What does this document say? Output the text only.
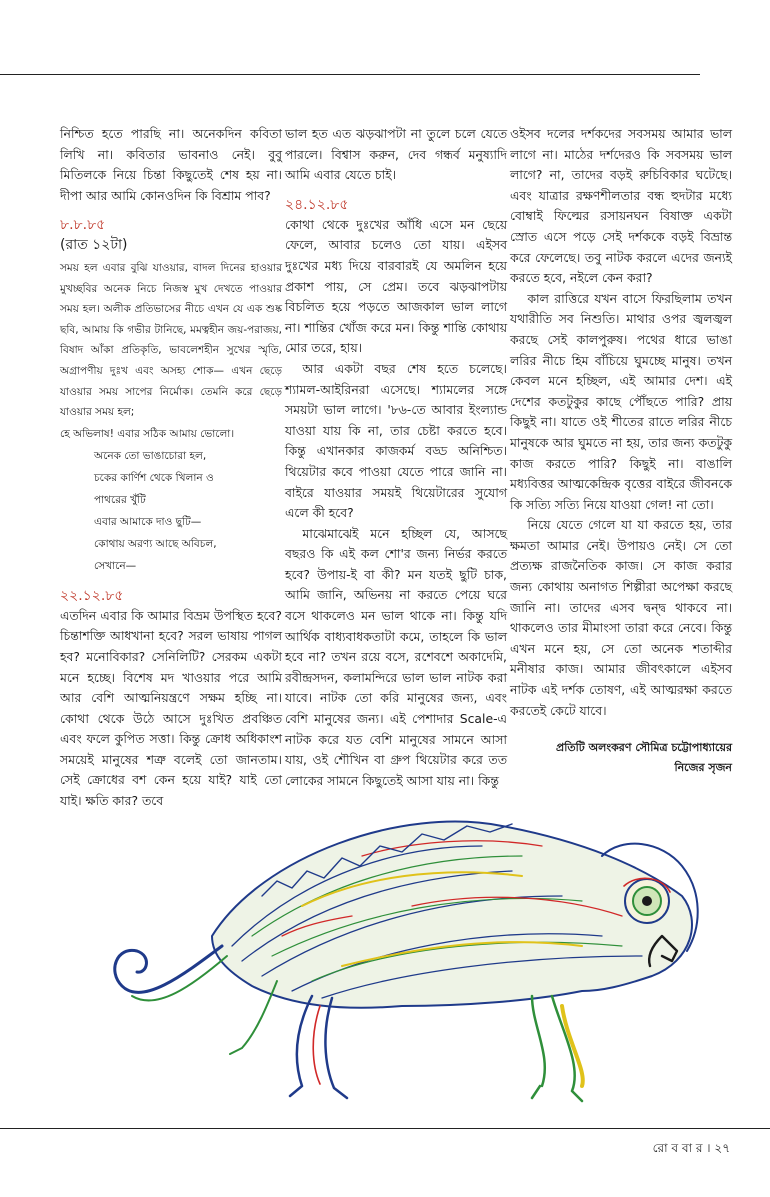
নিশ্চিত হতে পারছি না। অনেকদিন কবিতা লিখি না। কবিতার ভাবনাও নেই। বুবু মিতিলকে নিয়ে চিন্তা কিছুতেই শেষ হয় না। দীপা আর আমি কোনওদিন কি বিশ্রাম পাব?

৮.৮.৮৫
(রাত ১২টা)

সময় হল এবার বুঝি যাওয়ার, বাদল দিনের হাওয়ার মুখচ্ছবির অনেক নিচে নিজস্ব মুখ দেখতে পাওয়ার সময় হল। অলীক প্রতিভাসের নীচে এখন যে এক শুষ্ক ছবি, আমায় কি গভীর টানিছে, মমত্বহীন জয়-পরাজয়, বিষাদ আঁকা প্রতিকৃতি, ভাবলেশহীন সুখের স্মৃতি, অগ্রাপণীয় দুঃখ এবং অসহ্য শোক— এখন ছেড়ে যাওয়ার সময় সাপের নির্মোক। তেমনি করে ছেড়ে যাওয়ার সময় হল;

হে অভিলাষ! এবার সঠিক আমায় ভোলো।
অনেক তো ভাঙাচোরা হল,
চকের কার্ণিশ থেকে খিলান ও
পাথরের খুঁটি
এবার আমাকে দাও ছুটি—
কোথায় অরণ্য আছে অবিচল,
সেখানে—
২২.১২.৮৫

এতদিন এবার কি আমার বিভ্রম উপস্থিত হবে? চিন্তাশক্তি আধখানা হবে? সরল ভাষায় পাগল হব? মনোবিকার? সেনিলিটি? সেরকম একটা মনে হচ্ছে। বিশেষ মদ খাওয়ার পরে আমি আর বেশি আত্মনিয়ন্ত্রণে সক্ষম হচ্ছি না। কোথা থেকে উঠে আসে দুঃখিত প্রবঞ্চিত এবং ফলে কুপিত সত্তা। কিন্তু ক্রোধ অধিকাংশ সময়েই মানুষের শত্রু বলেই তো জানতাম। সেই ক্রোধের বশ কেন হয়ে যাই? যাই তো যাই। ক্ষতি কার? তবে

ভাল হত এত ঝড়ঝাপটা না তুলে চলে যেতে পারলে। বিশ্বাস করুন, দেব গন্ধর্ব মনুষ্যাদি আমি এবার যেতে চাই।

২৪.১২.৮৫

কোথা থেকে দুঃখের আঁধি এসে মন ছেয়ে ফেলে, আবার চলেও তো যায়। এইসব দুঃখের মধ্য দিয়ে বারবারই যে অমলিন হয়ে প্রকাশ পায়, সে প্রেম। তবে ঝড়ঝাপটায় বিচলিত হয়ে পড়তে আজকাল ভাল লাগে না। শান্তির খোঁজ করে মন। কিন্তু শান্তি কোথায় মোর তরে, হায়।

আর একটা বছর শেষ হতে চলেছে। শ্যামল-আইরিনরা এসেছে। শ্যামলের সঙ্গে সময়টা ভাল লাগে। '৮৬-তে আবার ইংল্যান্ড যাওয়া যায় কি না, তার চেষ্টা করতে হবে। কিন্তু এখানকার কাজকর্ম বড্ড অনিশ্চিত। থিয়েটার কবে পাওয়া যেতে পারে জানি না। বাইরে যাওয়ার সময়ই থিয়েটারের সুযোগ এলে কী হবে?

মাঝেমাঝেই মনে হচ্ছিল যে, আসছে বছরও কি এই কল শো'র জন্য নির্ভর করতে হবে? উপায়-ই বা কী? মন যতই ছুটি চাক, আমি জানি, অভিনয় না করতে পেয়ে ঘরে বসে থাকলেও মন ভাল থাকে না। কিন্তু যদি আর্থিক বাধ্যবাধকতাটা কমে, তাহলে কি ভাল হবে না? তখন রয়ে বসে, রশেবশে অকাদেমি, রবীন্দ্রসদন, কলামন্দিরে ভাল ভাল নাটক করা যাবে। নাটক তো করি মানুষের জন্য, এবং বেশি মানুষের জন্য। এই পেশাদার Scale-এ নাটক করে যত বেশি মানুষের সামনে আসা যায়, ওই শৌখিন বা গ্রুপ থিয়েটার করে তত লোকের সামনে কিছুতেই আসা যায় না। কিন্তু

ওইসব দলের দর্শকদের সবসময় আমার ভাল লাগে না। মাঠের দর্শদেরও কি সবসময় ভাল লাগে? না, তাদের বড়ই রুচিবিকার ঘটেছে। এবং যাত্রার রক্ষণশীলতার বন্ধ হুদটার মধ্যে বোম্বাই ফিল্মের রসায়নঘন বিষাক্ত একটা স্রোত এসে পড়ে সেই দর্শককে বড়ই বিভ্রান্ত করে ফেলেছে। তবু নাটক করলে এদের জন্যই করতে হবে, নইলে কেন করা?

কাল রাত্তিরে যখন বাসে ফিরছিলাম তখন যথারীতি সব নিশুতি। মাথার ওপর জ্বলজ্বল করছে সেই কালপুরুষ। পথের ধারে ভাঙা লরির নীচে হিম বাঁচিয়ে ঘুমচ্ছে মানুষ। তখন কেবল মনে হচ্ছিল, এই আমার দেশ। এই দেশের কতটুকুর কাছে পৌঁছতে পারি? প্রায় কিছুই না। যাতে ওই শীতের রাতে লরির নীচে মানুষকে আর ঘুমতে না হয়, তার জন্য কতটুকু কাজ করতে পারি? কিছুই না। বাঙালি মধ্যবিত্তর আত্মকেন্দ্রিক বৃত্তের বাইরে জীবনকে কি সত্যি সত্যি নিয়ে যাওয়া গেল! না তো।

নিয়ে যেতে গেলে যা যা করতে হয়, তার ক্ষমতা আমার নেই। উপায়ও নেই। সে তো প্রত্যক্ষ রাজনৈতিক কাজ। সে কাজ করার জন্য কোথায় অনাগত শিল্পীরা অপেক্ষা করছে জানি না। তাদের এসব দ্বন্দ্ব থাকবে না। থাকলেও তার মীমাংসা তারা করে নেবে। কিন্তু এখন মনে হয়, সে তো অনেক শতাব্দীর মনীষার কাজ। আমার জীবৎকালে এইসব নাটক এই দর্শক তোষণ, এই আত্মরক্ষা করতে করতেই কেটে যাবে।

প্রতিটি অলংকরণ সৌমিত্র চট্টোপাধ্যায়ের
নিজের সৃজন
রো ব বা র । ২৭
